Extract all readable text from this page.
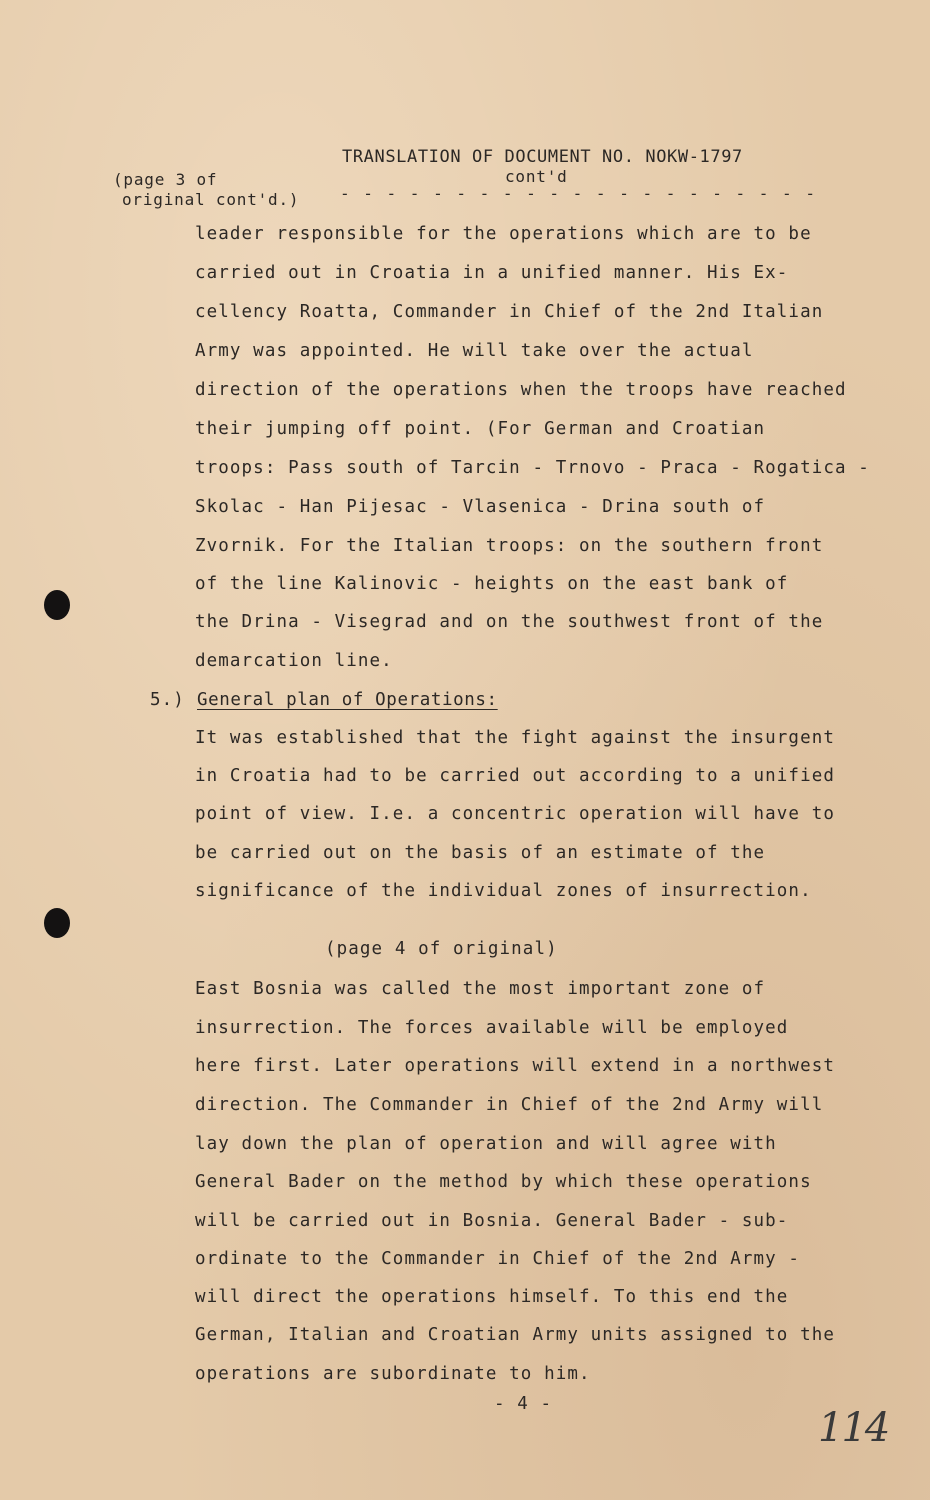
TRANSLATION OF DOCUMENT NO. NOKW-1797
cont'd
(page 3 of
original cont'd.)	- - - - - - - - - - - - - - - - - - - - -
leader responsible for the operations which are to be
carried out in Croatia in a unified manner. His Ex-
cellency Roatta, Commander in Chief of the 2nd Italian
Army was appointed. He will take over the actual
direction of the operations when the troops have reached
their jumping off point. (For German and Croatian
troops: Pass south of Tarcin - Trnovo - Praca - Rogatica -
Skolac - Han Pijesac - Vlasenica - Drina south of
Zvornik. For the Italian troops: on the southern front
of the line Kalinovic - heights on the east bank of
the Drina - Visegrad and on the southwest front of the
demarcation line.
5.) General plan of Operations:
It was established that the fight against the insurgent
in Croatia had to be carried out according to a unified
point of view. I.e. a concentric operation will have to
be carried out on the basis of an estimate of the
significance of the individual zones of insurrection.
(page 4 of original)
East Bosnia was called the most important zone of
insurrection. The forces available will be employed
here first. Later operations will extend in a northwest
direction. The Commander in Chief of the 2nd Army will
lay down the plan of operation and will agree with
General Bader on the method by which these operations
will be carried out in Bosnia. General Bader - sub-
ordinate to the Commander in Chief of the 2nd Army -
will direct the operations himself. To this end the
German, Italian and Croatian Army units assigned to the
operations are subordinate to him.
- 4 -
114
